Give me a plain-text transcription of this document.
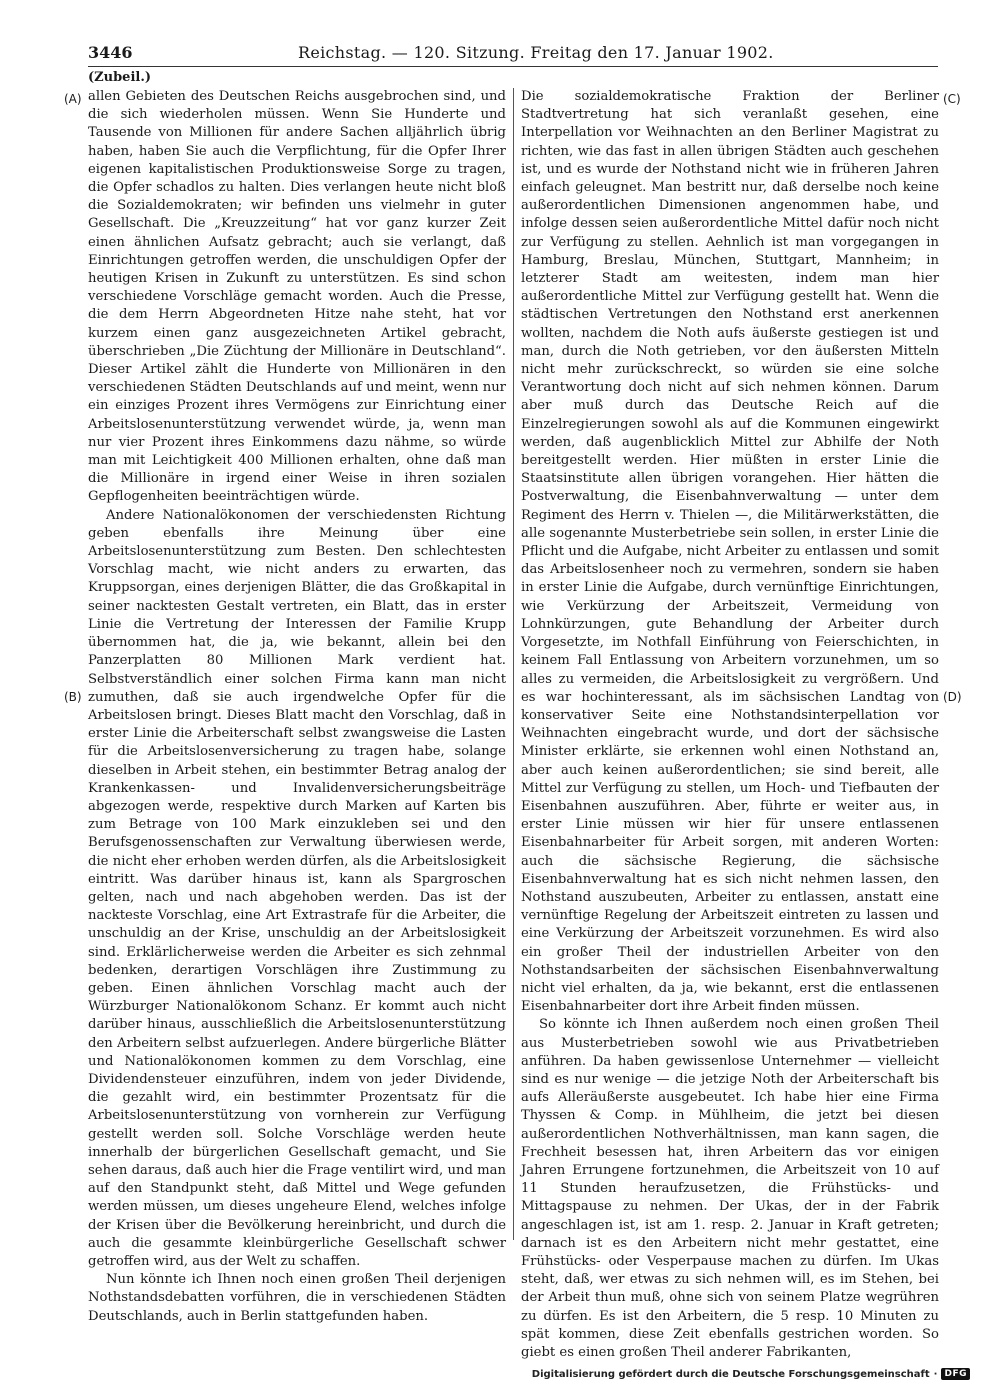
3446	Reichstag. — 120. Sitzung. Freitag den 17. Januar 1902.
(Zubeil.)
(A)
(B)
(C)
(D)

allen Gebieten des Deutschen Reichs ausgebrochen sind, und die sich wiederholen müssen. Wenn Sie Hunderte und Tausende von Millionen für andere Sachen alljährlich übrig haben, haben Sie auch die Verpflichtung, für die Opfer Ihrer eigenen kapitalistischen Produktionsweise Sorge zu tragen, die Opfer schadlos zu halten. Dies verlangen heute nicht bloß die Sozialdemokraten; wir befinden uns vielmehr in guter Gesellschaft. Die „Kreuzzeitung“ hat vor ganz kurzer Zeit einen ähnlichen Aufsatz gebracht; auch sie verlangt, daß Einrichtungen getroffen werden, die unschuldigen Opfer der heutigen Krisen in Zukunft zu unterstützen. Es sind schon verschiedene Vorschläge gemacht worden. Auch die Presse, die dem Herrn Abgeordneten Hitze nahe steht, hat vor kurzem einen ganz ausgezeichneten Artikel gebracht, überschrieben „Die Züchtung der Millionäre in Deutschland“. Dieser Artikel zählt die Hunderte von Millionären in den verschiedenen Städten Deutschlands auf und meint, wenn nur ein einziges Prozent ihres Vermögens zur Einrichtung einer Arbeitslosenunterstützung verwendet würde, ja, wenn man nur vier Prozent ihres Einkommens dazu nähme, so würde man mit Leichtigkeit 400 Millionen erhalten, ohne daß man die Millionäre in irgend einer Weise in ihren sozialen Gepflogenheiten beeinträchtigen würde.

Andere Nationalökonomen der verschiedensten Richtung geben ebenfalls ihre Meinung über eine Arbeitslosenunterstützung zum Besten. Den schlechtesten Vorschlag macht, wie nicht anders zu erwarten, das Kruppsorgan, eines derjenigen Blätter, die das Großkapital in seiner nacktesten Gestalt vertreten, ein Blatt, das in erster Linie die Vertretung der Interessen der Familie Krupp übernommen hat, die ja, wie bekannt, allein bei den Panzerplatten 80 Millionen Mark verdient hat. Selbstverständlich einer solchen Firma kann man nicht zumuthen, daß sie auch irgendwelche Opfer für die Arbeitslosen bringt. Dieses Blatt macht den Vorschlag, daß in erster Linie die Arbeiterschaft selbst zwangsweise die Lasten für die Arbeitslosenversicherung zu tragen habe, solange dieselben in Arbeit stehen, ein bestimmter Betrag analog der Krankenkassen- und Invalidenversicherungsbeiträge abgezogen werde, respektive durch Marken auf Karten bis zum Betrage von 100 Mark einzukleben sei und den Berufsgenossenschaften zur Verwaltung überwiesen werde, die nicht eher erhoben werden dürfen, als die Arbeitslosigkeit eintritt. Was darüber hinaus ist, kann als Spargroschen gelten, nach und nach abgehoben werden. Das ist der nackteste Vorschlag, eine Art Extrastrafe für die Arbeiter, die unschuldig an der Krise, unschuldig an der Arbeitslosigkeit sind. Erklärlicherweise werden die Arbeiter es sich zehnmal bedenken, derartigen Vorschlägen ihre Zustimmung zu geben. Einen ähnlichen Vorschlag macht auch der Würzburger Nationalökonom Schanz. Er kommt auch nicht darüber hinaus, ausschließlich die Arbeitslosenunterstützung den Arbeitern selbst aufzuerlegen. Andere bürgerliche Blätter und Nationalökonomen kommen zu dem Vorschlag, eine Dividendensteuer einzuführen, indem von jeder Dividende, die gezahlt wird, ein bestimmter Prozentsatz für die Arbeitslosenunterstützung von vornherein zur Verfügung gestellt werden soll. Solche Vorschläge werden heute innerhalb der bürgerlichen Gesellschaft gemacht, und Sie sehen daraus, daß auch hier die Frage ventilirt wird, und man auf den Standpunkt steht, daß Mittel und Wege gefunden werden müssen, um dieses ungeheure Elend, welches infolge der Krisen über die Bevölkerung hereinbricht, und durch die auch die gesammte kleinbürgerliche Gesellschaft schwer getroffen wird, aus der Welt zu schaffen.

Nun könnte ich Ihnen noch einen großen Theil derjenigen Nothstandsdebatten vorführen, die in verschiedenen Städten Deutschlands, auch in Berlin stattgefunden haben.

Die sozialdemokratische Fraktion der Berliner Stadtvertretung hat sich veranlaßt gesehen, eine Interpellation vor Weihnachten an den Berliner Magistrat zu richten, wie das fast in allen übrigen Städten auch geschehen ist, und es wurde der Nothstand nicht wie in früheren Jahren einfach geleugnet. Man bestritt nur, daß derselbe noch keine außerordentlichen Dimensionen angenommen habe, und infolge dessen seien außerordentliche Mittel dafür noch nicht zur Verfügung zu stellen. Aehnlich ist man vorgegangen in Hamburg, Breslau, München, Stuttgart, Mannheim; in letzterer Stadt am weitesten, indem man hier außerordentliche Mittel zur Verfügung gestellt hat. Wenn die städtischen Vertretungen den Nothstand erst anerkennen wollten, nachdem die Noth aufs äußerste gestiegen ist und man, durch die Noth getrieben, vor den äußersten Mitteln nicht mehr zurückschreckt, so würden sie eine solche Verantwortung doch nicht auf sich nehmen können. Darum aber muß durch das Deutsche Reich auf die Einzelregierungen sowohl als auf die Kommunen eingewirkt werden, daß augenblicklich Mittel zur Abhilfe der Noth bereitgestellt werden. Hier müßten in erster Linie die Staatsinstitute allen übrigen vorangehen. Hier hätten die Postverwaltung, die Eisenbahnverwaltung — unter dem Regiment des Herrn v. Thielen —, die Militärwerkstätten, die alle sogenannte Musterbetriebe sein sollen, in erster Linie die Pflicht und die Aufgabe, nicht Arbeiter zu entlassen und somit das Arbeitslosenheer noch zu vermehren, sondern sie haben in erster Linie die Aufgabe, durch vernünftige Einrichtungen, wie Verkürzung der Arbeitszeit, Vermeidung von Lohnkürzungen, gute Behandlung der Arbeiter durch Vorgesetzte, im Nothfall Einführung von Feierschichten, in keinem Fall Entlassung von Arbeitern vorzunehmen, um so alles zu vermeiden, die Arbeitslosigkeit zu vergrößern. Und es war hochinteressant, als im sächsischen Landtag von konservativer Seite eine Nothstandsinterpellation vor Weihnachten eingebracht wurde, und dort der sächsische Minister erklärte, sie erkennen wohl einen Nothstand an, aber auch keinen außerordentlichen; sie sind bereit, alle Mittel zur Verfügung zu stellen, um Hoch- und Tiefbauten der Eisenbahnen auszuführen. Aber, führte er weiter aus, in erster Linie müssen wir hier für unsere entlassenen Eisenbahnarbeiter für Arbeit sorgen, mit anderen Worten: auch die sächsische Regierung, die sächsische Eisenbahnverwaltung hat es sich nicht nehmen lassen, den Nothstand auszubeuten, Arbeiter zu entlassen, anstatt eine vernünftige Regelung der Arbeitszeit eintreten zu lassen und eine Verkürzung der Arbeitszeit vorzunehmen. Es wird also ein großer Theil der industriellen Arbeiter von den Nothstandsarbeiten der sächsischen Eisenbahnverwaltung nicht viel erhalten, da ja, wie bekannt, erst die entlassenen Eisenbahnarbeiter dort ihre Arbeit finden müssen.

So könnte ich Ihnen außerdem noch einen großen Theil aus Musterbetrieben sowohl wie aus Privatbetrieben anführen. Da haben gewissenlose Unternehmer — vielleicht sind es nur wenige — die jetzige Noth der Arbeiterschaft bis aufs Alleräußerste ausgebeutet. Ich habe hier eine Firma Thyssen & Comp. in Mühlheim, die jetzt bei diesen außerordentlichen Nothverhältnissen, man kann sagen, die Frechheit besessen hat, ihren Arbeitern das vor einigen Jahren Errungene fortzunehmen, die Arbeitszeit von 10 auf 11 Stunden heraufzusetzen, die Frühstücks- und Mittagspause zu nehmen. Der Ukas, der in der Fabrik angeschlagen ist, ist am 1. resp. 2. Januar in Kraft getreten; darnach ist es den Arbeitern nicht mehr gestattet, eine Frühstücks- oder Vesperpause machen zu dürfen. Im Ukas steht, daß, wer etwas zu sich nehmen will, es im Stehen, bei der Arbeit thun muß, ohne sich von seinem Platze wegrühren zu dürfen. Es ist den Arbeitern, die 5 resp. 10 Minuten zu spät kommen, diese Zeit ebenfalls gestrichen worden. So giebt es einen großen Theil anderer Fabrikanten,

Digitalisierung gefördert durch die Deutsche Forschungsgemeinschaft · DFG
